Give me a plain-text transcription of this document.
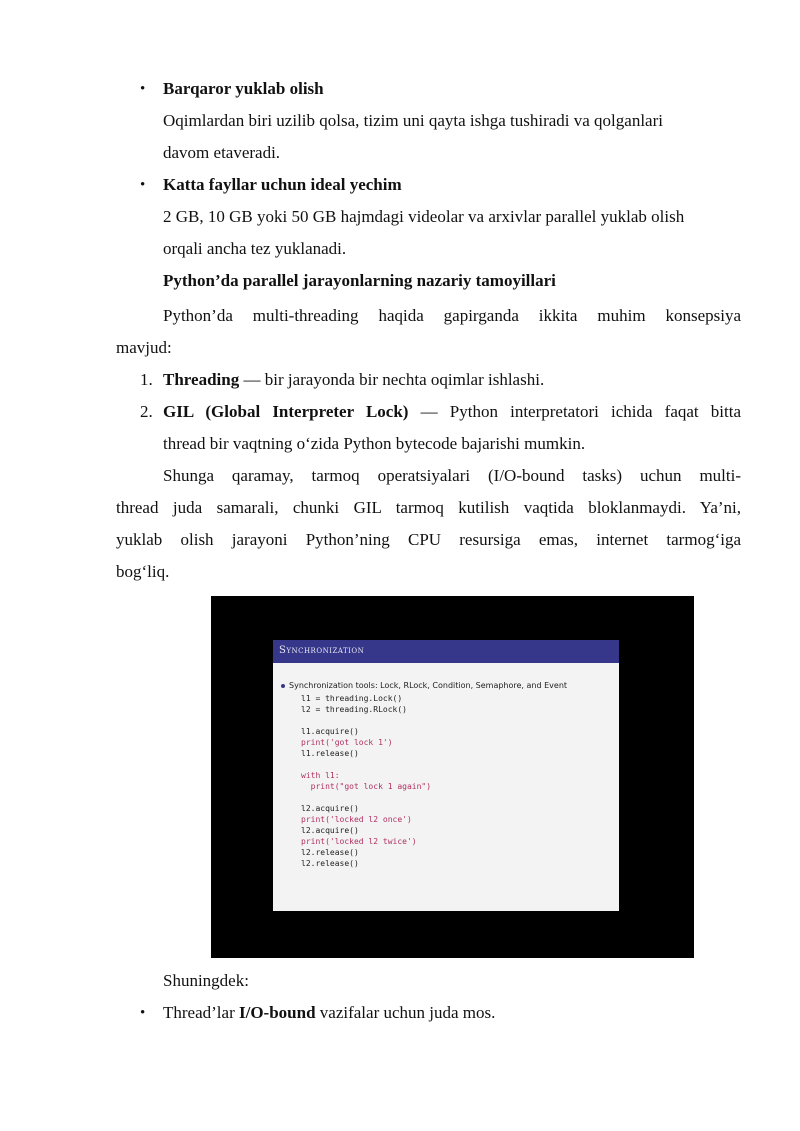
• Barqaror yuklab olish
Oqimlardan biri uzilib qolsa, tizim uni qayta ishga tushiradi va qolganlari
davom etaveradi.
• Katta fayllar uchun ideal yechim
2 GB, 10 GB yoki 50 GB hajmdagi videolar va arxivlar parallel yuklab olish
orqali ancha tez yuklanadi.
Python’da parallel jarayonlarning nazariy tamoyillari
Python’da multi-threading haqida gapirganda ikkita muhim konsepsiya
mavjud:
1. Threading — bir jarayonda bir nechta oqimlar ishlashi.
2. GIL (Global Interpreter Lock) — Python interpretatori ichida faqat bitta
thread bir vaqtning o‘zida Python bytecode bajarishi mumkin.
Shunga qaramay, tarmoq operatsiyalari (I/O-bound tasks) uchun multi-
thread juda samarali, chunki GIL tarmoq kutilish vaqtida bloklanmaydi. Ya’ni,
yuklab olish jarayoni Python’ning CPU resursiga emas, internet tarmog‘iga
bog‘liq.
Synchronization
Synchronization tools: Lock, RLock, Condition, Semaphore, and Event
l1 = threading.Lock()
l2 = threading.RLock()
l1.acquire()
print('got lock 1')
l1.release()
with l1:
print("got lock 1 again")
l2.acquire()
print('locked l2 once')
l2.acquire()
print('locked l2 twice')
l2.release()
l2.release()
Shuningdek:
• Thread’lar I/O-bound vazifalar uchun juda mos.
